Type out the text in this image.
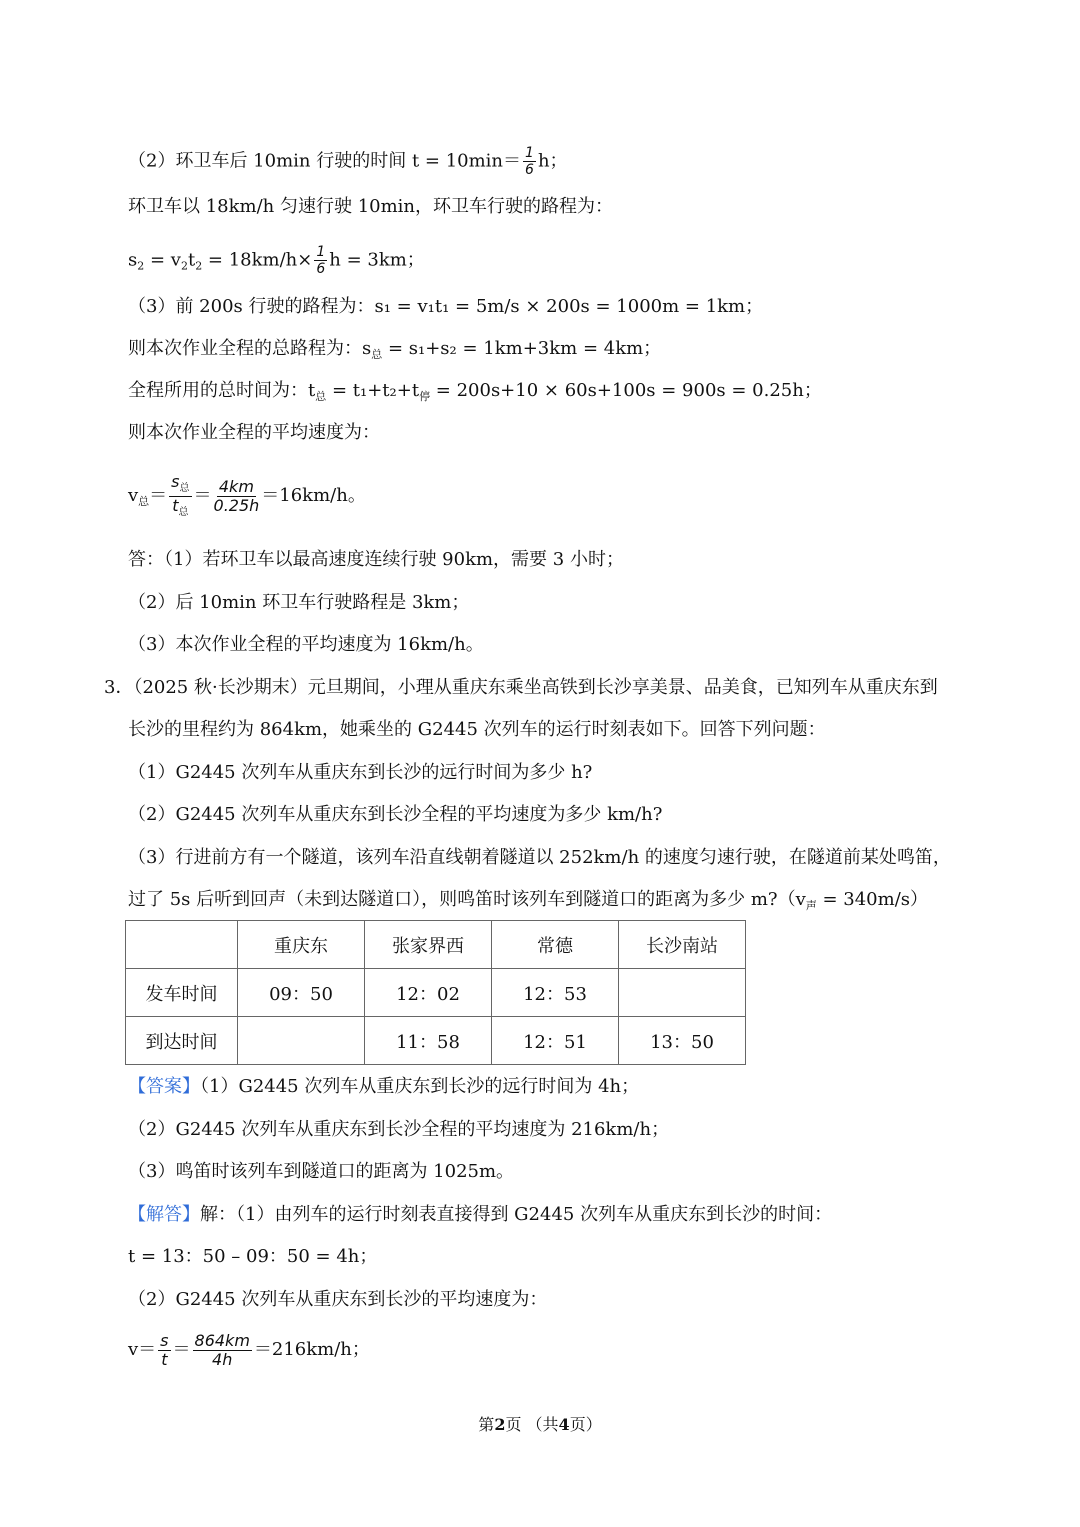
（2）环卫车后 10min 行驶的时间 $t = 10\min= \frac{1}{6}$ h；
环卫车以 18km/h 匀速行驶 10min，环卫车行驶的路程为：
$s_2 = v_2t_2 = 18km/h\times \frac{1}{6}$ h = 3km；
（3）前 200s 行驶的路程为：s₁ = v₁t₁ = 5m/s × 200s = 1000m = 1km；
则本次作业全程的总路程为：$s_总 = s_1+s_2 = 1km+3km = 4km$；
全程所用的总时间为：$t_总 = t_1+t_2+t_停 = 200s+10 \times 60s+100s = 900s = 0.25h$；
则本次作业全程的平均速度为：
$v_总= \frac{s_总}{t_总} = \frac{4km}{0.25h} =16km/h$。
答：（1）若环卫车以最高速度连续行驶 90km，需要 3 小时；
（2）后 10min 环卫车行驶路程是 3km；
（3）本次作业全程的平均速度为 16km/h。
3．（2025 秋·长沙期末）元旦期间，小理从重庆东乘坐高铁到长沙享美景、品美食，已知列车从重庆东到
长沙的里程约为 864km，她乘坐的 G2445 次列车的运行时刻表如下。回答下列问题：
（1）G2445 次列车从重庆东到长沙的远行时间为多少 h?
（2）G2445 次列车从重庆东到长沙全程的平均速度为多少 km/h?
（3）行进前方有一个隧道，该列车沿直线朝着隧道以 252km/h 的速度匀速行驶，在隧道前某处鸣笛，
过了 5s 后听到回声（未到达隧道口），则鸣笛时该列车到隧道口的距离为多少 $m?(v_声 = 340m/s)$
	重庆东	张家界西	常德	长沙南站
发车时间	09：50	12：02	12：53	
到达时间		11：58	12：51	13：50
【答案】（1）G2445 次列车从重庆东到长沙的远行时间为 4h；
（2）G2445 次列车从重庆东到长沙全程的平均速度为 216km/h；
（3）鸣笛时该列车到隧道口的距离为 1025m。
【解答】解：（1）由列车的运行时刻表直接得到 G2445 次列车从重庆东到长沙的时间：
t = 13：50 – 09：50 = 4h；
（2）G2445 次列车从重庆东到长沙的平均速度为：
$v= \frac{s}{t} = \frac{864km}{4h} =216km/h$；
第2页 （共4页）
